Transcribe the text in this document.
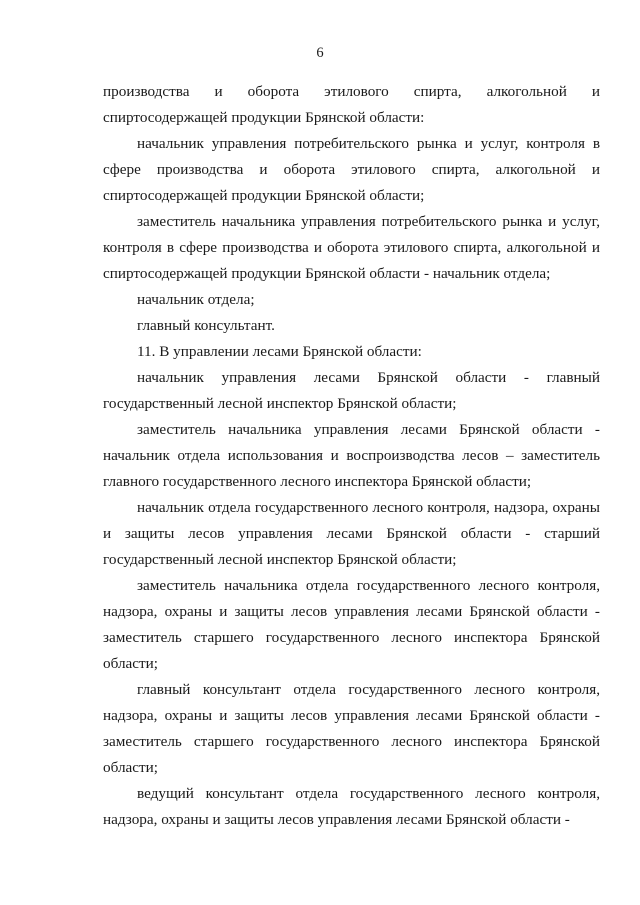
6

производства и оборота этилового спирта, алкогольной и спиртосодержащей продукции Брянской области:

начальник управления потребительского рынка и услуг, контроля в сфере производства и оборота этилового спирта, алкогольной и спиртосодержащей продукции Брянской области;

заместитель начальника управления потребительского рынка и услуг, контроля в сфере производства и оборота этилового спирта, алкогольной и спиртосодержащей продукции Брянской области - начальник отдела;

начальник отдела;

главный консультант.

11. В управлении лесами Брянской области:

начальник управления лесами Брянской области - главный государственный лесной инспектор Брянской области;

заместитель начальника управления лесами Брянской области - начальник отдела использования и воспроизводства лесов – заместитель главного государственного лесного инспектора Брянской области;

начальник отдела государственного лесного контроля, надзора, охраны и защиты лесов управления лесами Брянской области - старший государственный лесной инспектор Брянской области;

заместитель начальника отдела государственного лесного контроля, надзора, охраны и защиты лесов управления лесами Брянской области - заместитель старшего государственного лесного инспектора Брянской области;

главный консультант отдела государственного лесного контроля, надзора, охраны и защиты лесов управления лесами Брянской области - заместитель старшего государственного лесного инспектора Брянской области;

ведущий консультант отдела государственного лесного контроля, надзора, охраны и защиты лесов управления лесами Брянской области -
